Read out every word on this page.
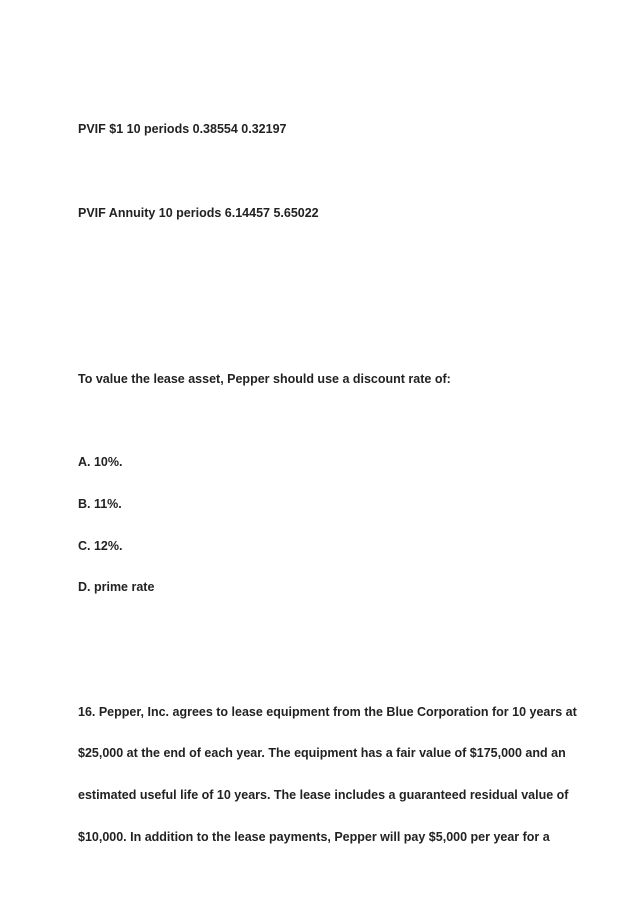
PVIF $1 10 periods 0.38554 0.32197

PVIF Annuity 10 periods 6.14457 5.65022

To value the lease asset, Pepper should use a discount rate of:

A. 10%.

B. 11%.

C. 12%.

D. prime rate

16. Pepper, Inc. agrees to lease equipment from the Blue Corporation for 10 years at

$25,000 at the end of each year. The equipment has a fair value of $175,000 and an

estimated useful life of 10 years. The lease includes a guaranteed residual value of

$10,000. In addition to the lease payments, Pepper will pay $5,000 per year for a
